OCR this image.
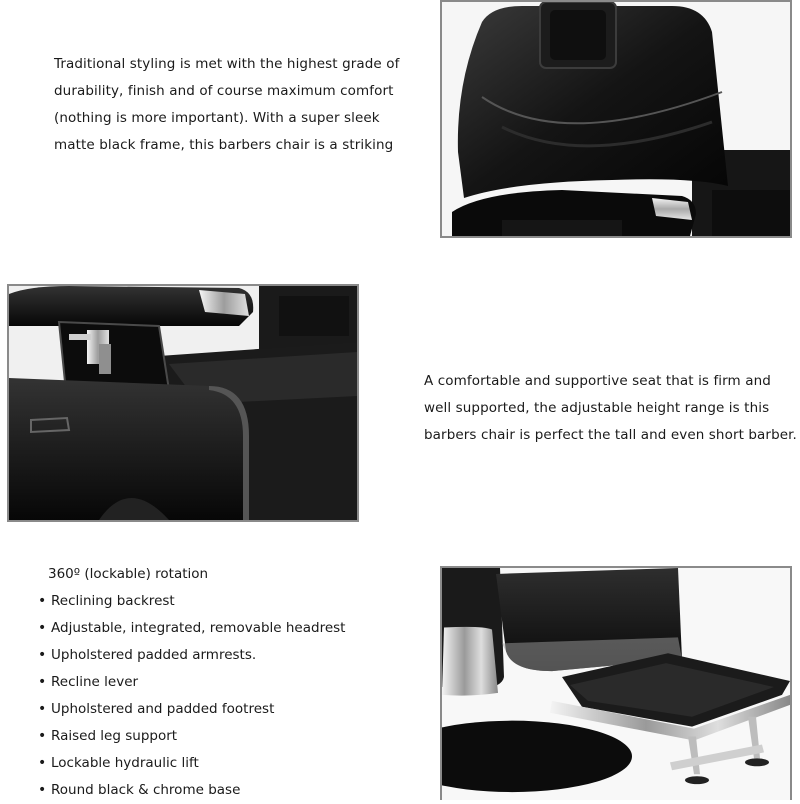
Traditional styling is met with the highest grade of
durability, finish and of course maximum comfort
(nothing is more important). With a super sleek
matte black frame, this barbers chair is a striking

A comfortable and supportive seat that is firm and
well supported, the adjustable height range is this
barbers chair is perfect the tall and even short barber.

360º (lockable) rotation
• Reclining backrest
• Adjustable, integrated, removable headrest
• Upholstered padded armrests.
• Recline lever
• Upholstered and padded footrest
• Raised leg support
• Lockable hydraulic lift
• Round black & chrome base
